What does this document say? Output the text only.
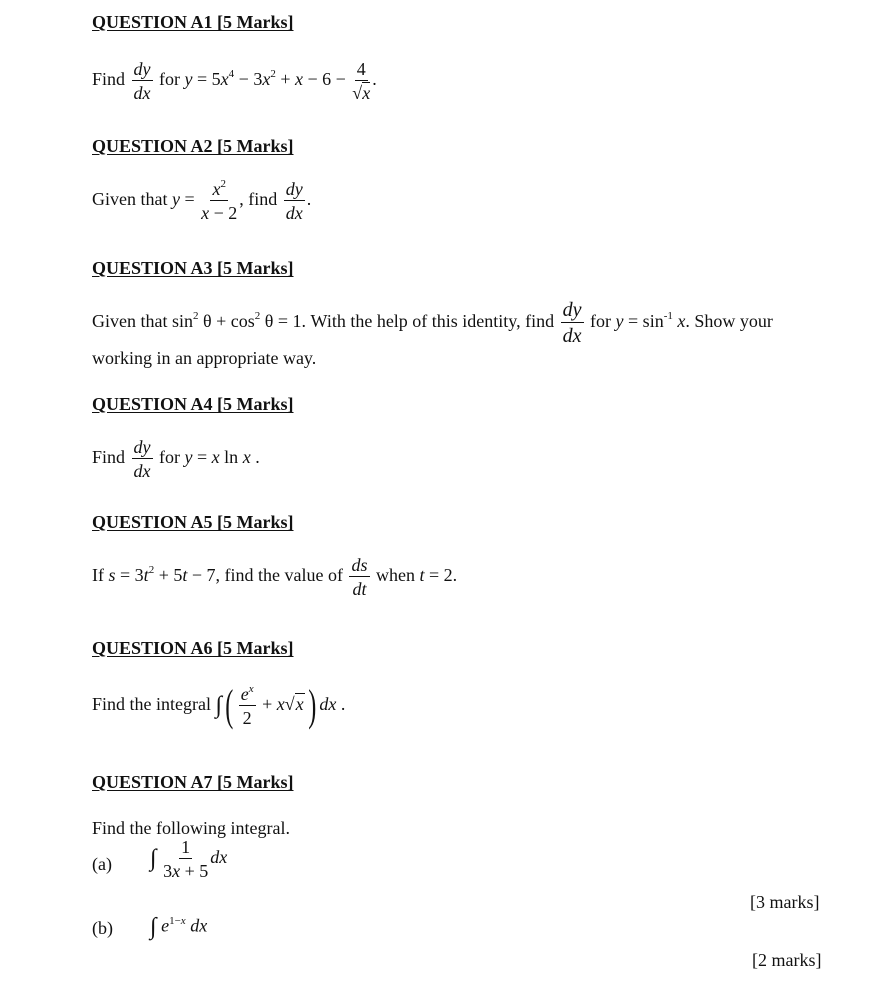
QUESTION A1 [5 Marks]
Find $\frac{dy}{dx}$ for $y = 5x^4 - 3x^2 + x - 6 - \frac{4}{√x}$ .
QUESTION A2 [5 Marks]
Given that $y = \frac{x^2}{x - 2}$ , find $\frac{dy}{dx}$ .
QUESTION A3 [5 Marks]
Given that $\sin^2 \theta + \cos^2 \theta = 1$. With the help of this identity, find $\frac{dy}{dx}$ for $y = \sin^{-1} x$. Show your
working in an appropriate way.
QUESTION A4 [5 Marks]
Find $\frac{dy}{dx}$ for y = x ln x .
QUESTION A5 [5 Marks]
If $s = 3t^2 + 5t - 7$, find the value of $\frac{ds}{dt}$ when t = 2.
QUESTION A6 [5 Marks]
Find the integral ∫( $\frac{e^x}{2} + x√x$) dx .
QUESTION A7 [5 Marks]
Find the following integral.
(a) ∫ $\frac{1}{3x + 5}$ dx
[3 marks]
(b) ∫ $e^{1-x}$ dx
[2 marks]
